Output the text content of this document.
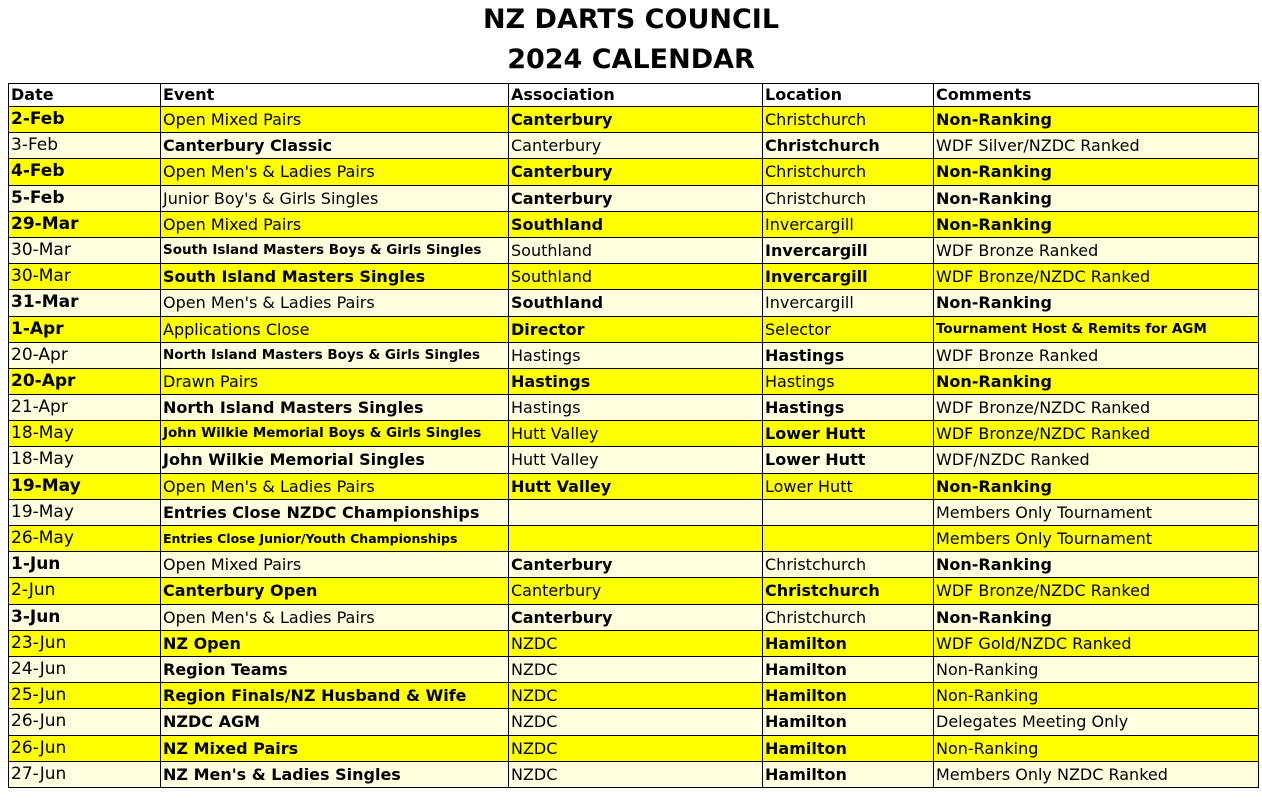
NZ DARTS COUNCIL
2024 CALENDAR
Date	Event	Association	Location	Comments
2-Feb	Open Mixed Pairs	Canterbury	Christchurch	Non-Ranking
3-Feb	Canterbury Classic	Canterbury	Christchurch	WDF Silver/NZDC Ranked
4-Feb	Open Men's & Ladies Pairs	Canterbury	Christchurch	Non-Ranking
5-Feb	Junior Boy's & Girls Singles	Canterbury	Christchurch	Non-Ranking
29-Mar	Open Mixed Pairs	Southland	Invercargill	Non-Ranking
30-Mar	South Island Masters Boys & Girls Singles	Southland	Invercargill	WDF Bronze Ranked
30-Mar	South Island Masters Singles	Southland	Invercargill	WDF Bronze/NZDC Ranked
31-Mar	Open Men's & Ladies Pairs	Southland	Invercargill	Non-Ranking
1-Apr	Applications Close	Director	Selector	Tournament Host & Remits for AGM
20-Apr	North Island Masters Boys & Girls Singles	Hastings	Hastings	WDF Bronze Ranked
20-Apr	Drawn Pairs	Hastings	Hastings	Non-Ranking
21-Apr	North Island Masters Singles	Hastings	Hastings	WDF Bronze/NZDC Ranked
18-May	John Wilkie Memorial Boys & Girls Singles	Hutt Valley	Lower Hutt	WDF Bronze/NZDC Ranked
18-May	John Wilkie Memorial Singles	Hutt Valley	Lower Hutt	WDF/NZDC Ranked
19-May	Open Men's & Ladies Pairs	Hutt Valley	Lower Hutt	Non-Ranking
19-May	Entries Close NZDC Championships			Members Only Tournament
26-May	Entries Close Junior/Youth Championships			Members Only Tournament
1-Jun	Open Mixed Pairs	Canterbury	Christchurch	Non-Ranking
2-Jun	Canterbury Open	Canterbury	Christchurch	WDF Bronze/NZDC Ranked
3-Jun	Open Men's & Ladies Pairs	Canterbury	Christchurch	Non-Ranking
23-Jun	NZ Open	NZDC	Hamilton	WDF Gold/NZDC Ranked
24-Jun	Region Teams	NZDC	Hamilton	Non-Ranking
25-Jun	Region Finals/NZ Husband & Wife	NZDC	Hamilton	Non-Ranking
26-Jun	NZDC AGM	NZDC	Hamilton	Delegates Meeting Only
26-Jun	NZ Mixed Pairs	NZDC	Hamilton	Non-Ranking
27-Jun	NZ Men's & Ladies Singles	NZDC	Hamilton	Members Only NZDC Ranked
